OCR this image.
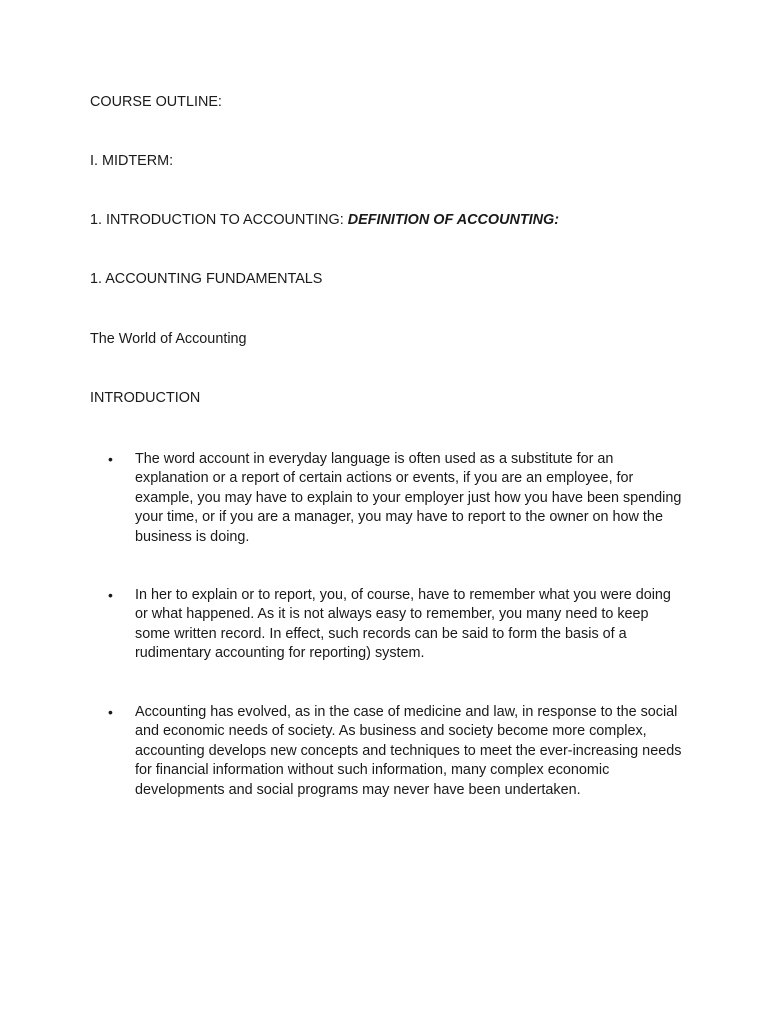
COURSE OUTLINE:

I. MIDTERM:

1. INTRODUCTION TO ACCOUNTING: DEFINITION OF ACCOUNTING:

1. ACCOUNTING FUNDAMENTALS

The World of Accounting

INTRODUCTION

• The word account in everyday language is often used as a substitute for an explanation or a report of certain actions or events, if you are an employee, for example, you may have to explain to your employer just how you have been spending your time, or if you are a manager, you may have to report to the owner on how the business is doing.

• In her to explain or to report, you, of course, have to remember what you were doing or what happened. As it is not always easy to remember, you many need to keep some written record. In effect, such records can be said to form the basis of a rudimentary accounting for reporting) system.

• Accounting has evolved, as in the case of medicine and law, in response to the social and economic needs of society. As business and society become more complex, accounting develops new concepts and techniques to meet the ever-increasing needs for financial information without such information, many complex economic developments and social programs may never have been undertaken.
